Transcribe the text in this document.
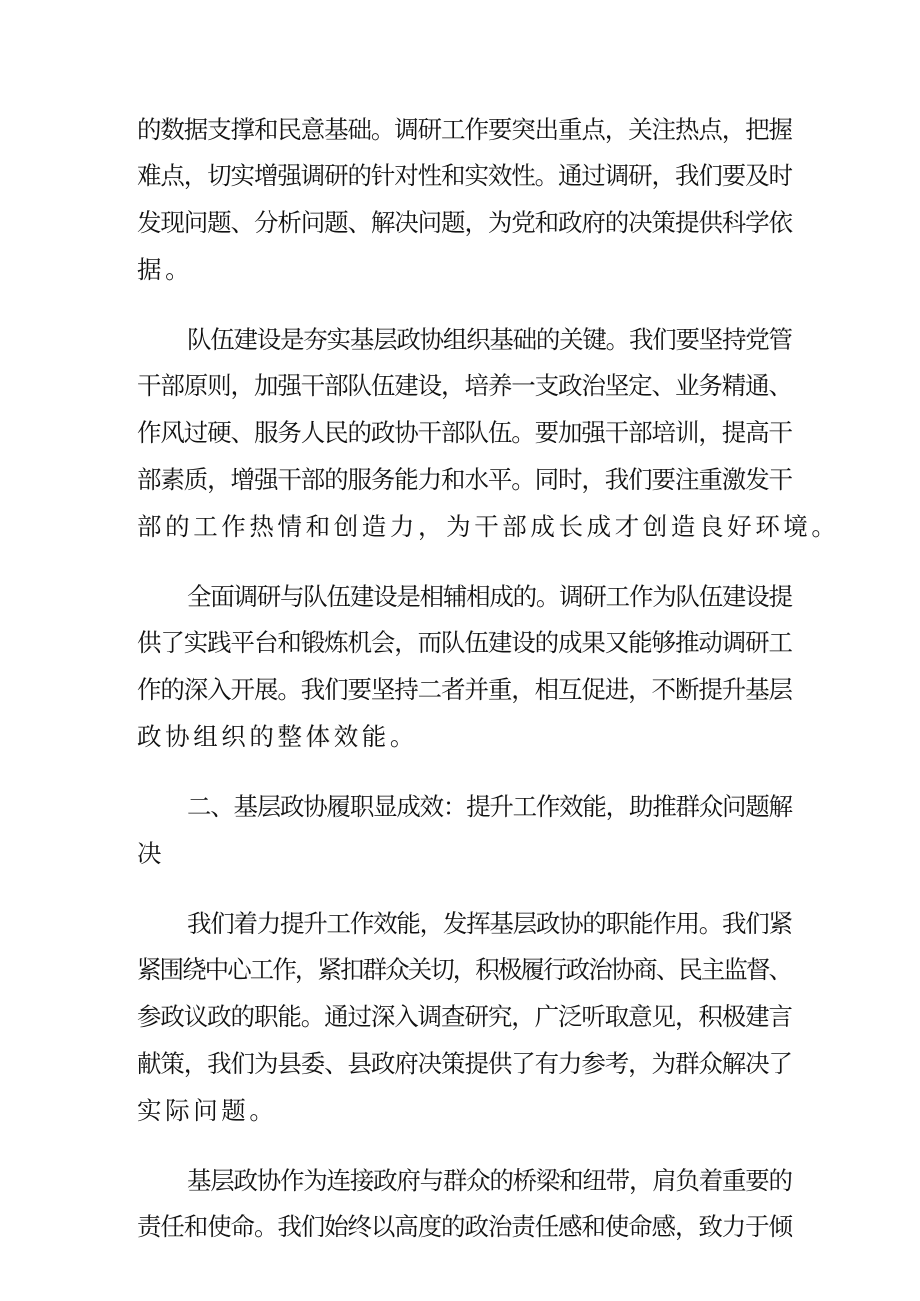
的数据支撑和民意基础。调研工作要突出重点，关注热点，把握
难点，切实增强调研的针对性和实效性。通过调研，我们要及时
发现问题、分析问题、解决问题，为党和政府的决策提供科学依
据。
队伍建设是夯实基层政协组织基础的关键。我们要坚持党管
干部原则，加强干部队伍建设，培养一支政治坚定、业务精通、
作风过硬、服务人民的政协干部队伍。要加强干部培训，提高干
部素质，增强干部的服务能力和水平。同时，我们要注重激发干
部的工作热情和创造力，为干部成长成才创造良好环境。
全面调研与队伍建设是相辅相成的。调研工作为队伍建设提
供了实践平台和锻炼机会，而队伍建设的成果又能够推动调研工
作的深入开展。我们要坚持二者并重，相互促进，不断提升基层
政协组织的整体效能。
二、基层政协履职显成效：提升工作效能，助推群众问题解
决
我们着力提升工作效能，发挥基层政协的职能作用。我们紧
紧围绕中心工作，紧扣群众关切，积极履行政治协商、民主监督、
参政议政的职能。通过深入调查研究，广泛听取意见，积极建言
献策，我们为县委、县政府决策提供了有力参考，为群众解决了
实际问题。
基层政协作为连接政府与群众的桥梁和纽带，肩负着重要的
责任和使命。我们始终以高度的政治责任感和使命感，致力于倾
